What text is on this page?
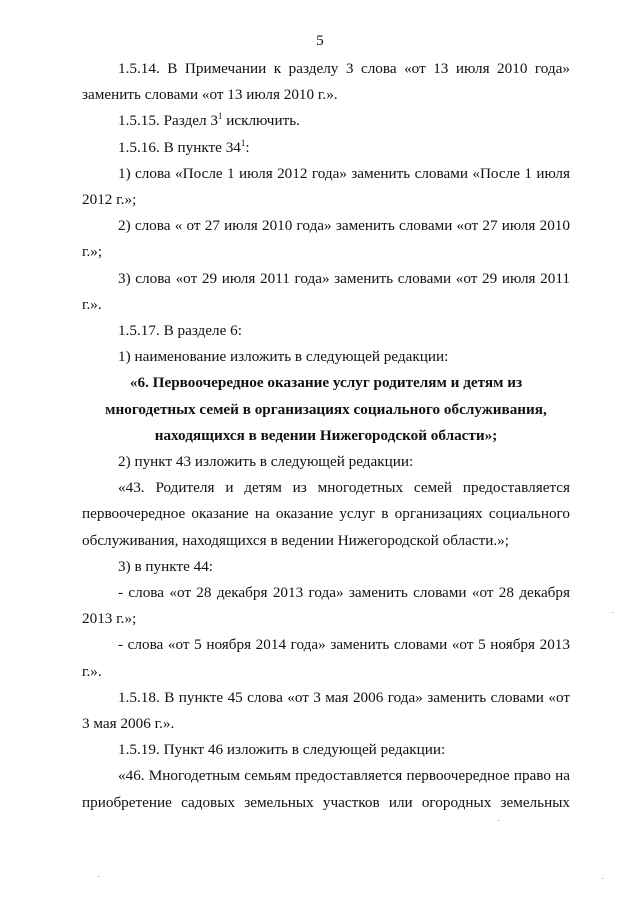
5

1.5.14. В Примечании к разделу 3 слова «от 13 июля 2010 года» заменить словами «от 13 июля 2010 г.».

1.5.15. Раздел $3^1$ исключить.

1.5.16. В пункте $34^1$:

1) слова «После 1 июля 2012 года» заменить словами «После 1 июля 2012 г.»;

2) слова « от 27 июля 2010 года» заменить словами «от 27 июля 2010 г.»;

3) слова «от 29 июля 2011 года» заменить словами «от 29 июля 2011 г.».

1.5.17. В разделе 6:

1) наименование изложить в следующей редакции:

«6. Первоочередное оказание услуг родителям и детям из

многодетных семей в организациях социального обслуживания,

находящихся в ведении Нижегородской области»;

2) пункт 43 изложить в следующей редакции:

«43. Родителя и детям из многодетных семей предоставляется первоочередное оказание на оказание услуг в организациях социального обслуживания, находящихся в ведении Нижегородской области.»;

3) в пункте 44:

- слова «от 28 декабря 2013 года» заменить словами «от 28 декабря 2013 г.»;

- слова «от 5 ноября 2014 года» заменить словами «от 5 ноября 2013 г.».

1.5.18. В пункте 45 слова «от 3 мая 2006 года» заменить словами «от 3 мая 2006 г.».

1.5.19. Пункт 46 изложить в следующей редакции:

«46. Многодетным семьям предоставляется первоочередное право на приобретение садовых земельных участков или огородных земельных
